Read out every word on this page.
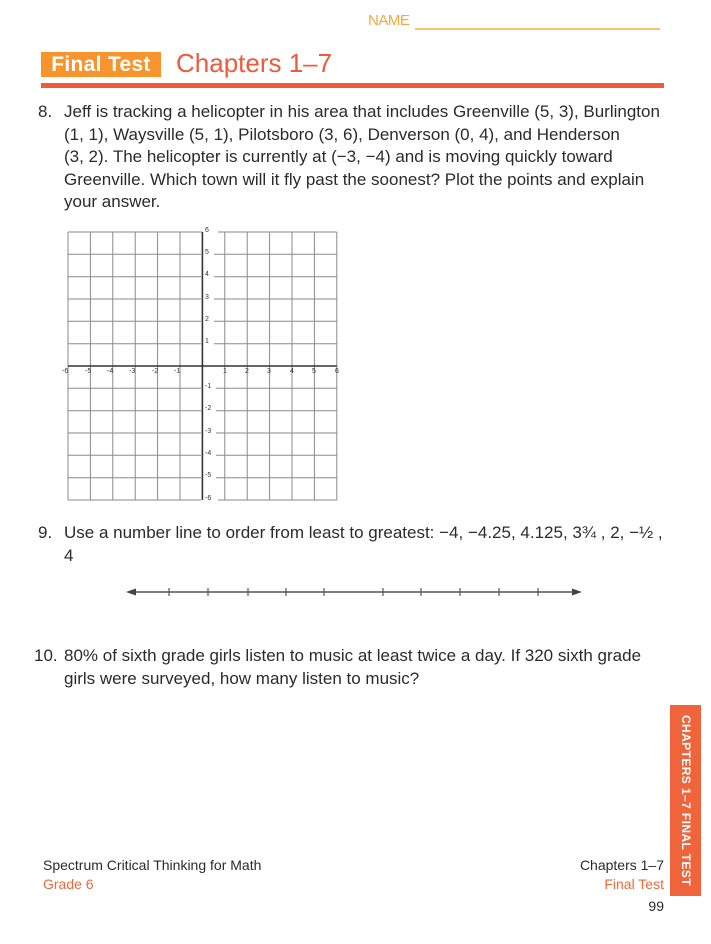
NAME
Final Test Chapters 1–7
8. Jeff is tracking a helicopter in his area that includes Greenville (5, 3), Burlington
(1, 1), Waysville (5, 1), Pilotsboro (3, 6), Denverson (0, 4), and Henderson
(3, 2). The helicopter is currently at (−3, −4) and is moving quickly toward
Greenville. Which town will it fly past the soonest? Plot the points and explain
your answer.
6
5
4
3
2
1
-1
-2
-3
-4
-5
-6
-6 -5 -4 -3 -2 -1	1	2	3	4	5	6
9. Use a number line to order from least to greatest: −4, −4.25, 4.125, 3¾ , 2, −½ ,
4
10. 80% of sixth grade girls listen to music at least twice a day. If 320 sixth grade
girls were surveyed, how many listen to music?
CHAPTERS 1–7 FINAL TEST
Spectrum Critical Thinking for Math
Grade 6
Chapters 1–7
Final Test
99
